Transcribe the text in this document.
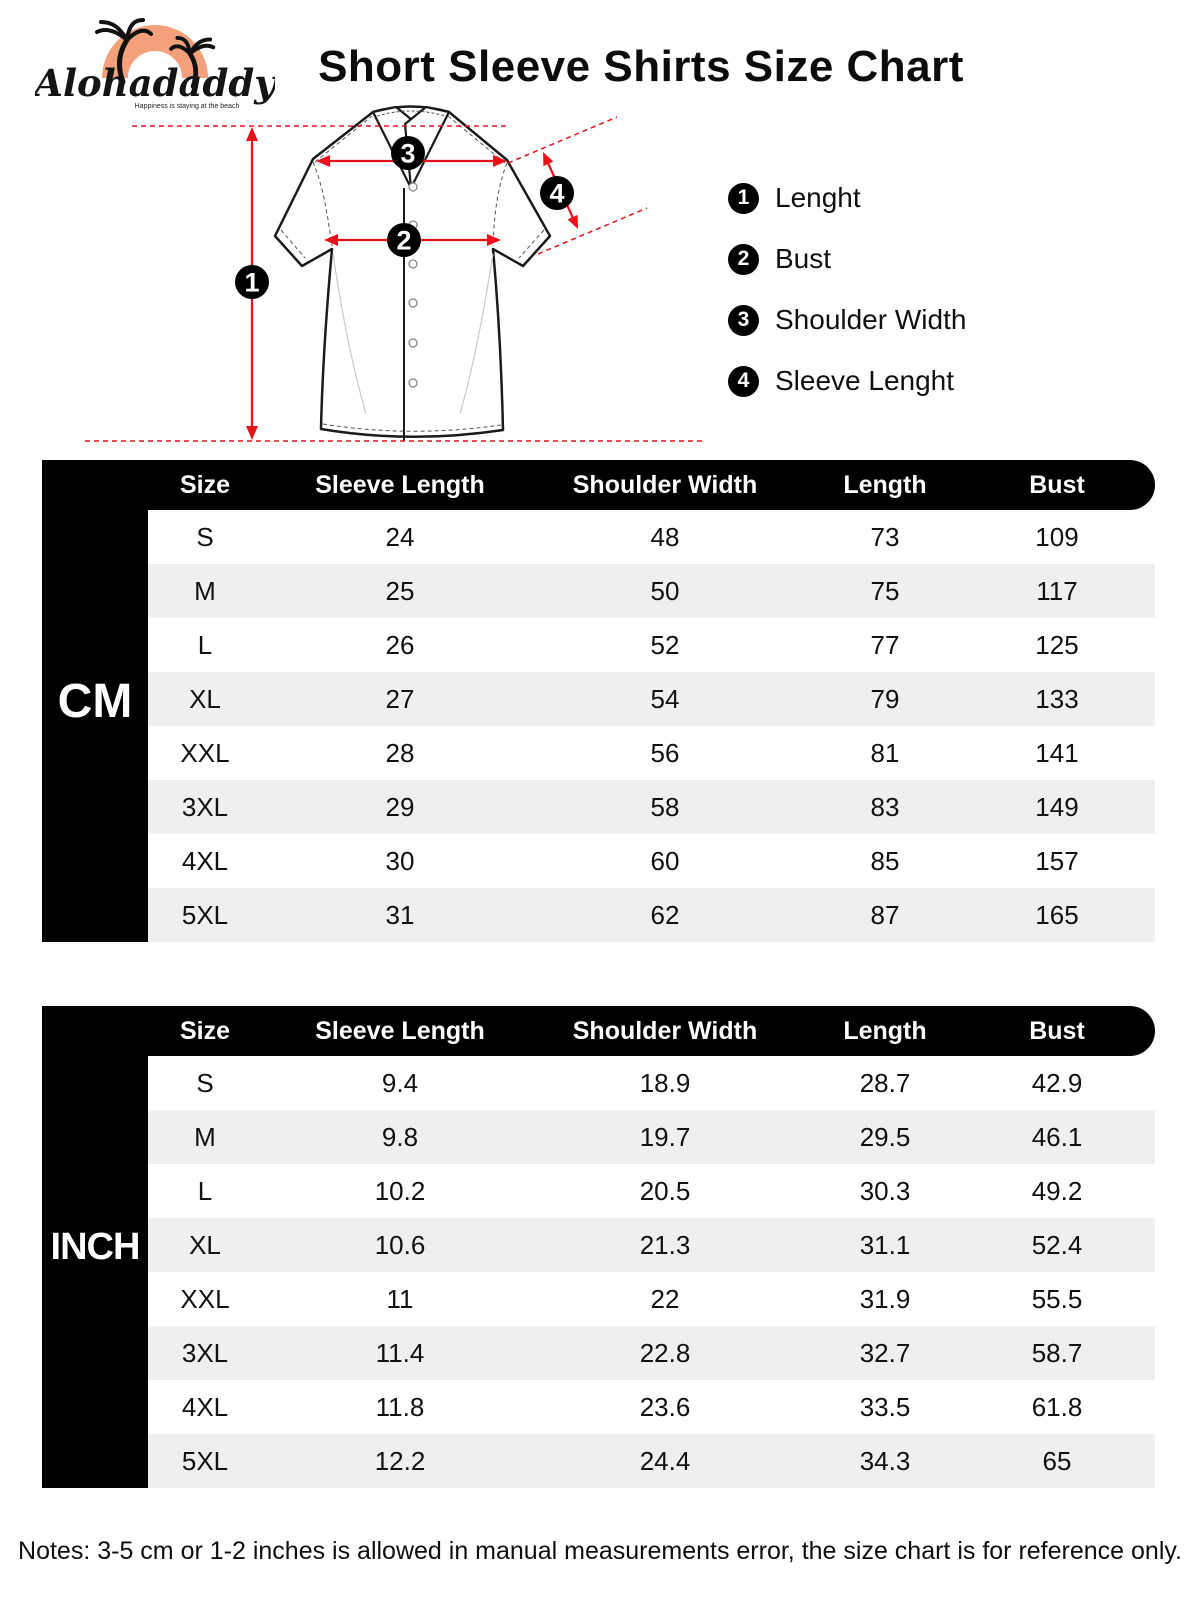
Alohadaddy
Happiness is staying at the beach
Short Sleeve Shirts Size Chart
1
2
3
4	1 Lenght
2 Bust
3 Shoulder Width
4 Sleeve Lenght
CM
Size	Sleeve Length	Shoulder Width	Length	Bust
S	24	48	73	109
M	25	50	75	117
L	26	52	77	125
XL	27	54	79	133
XXL	28	56	81	141
3XL	29	58	83	149
4XL	30	60	85	157
5XL	31	62	87	165
INCH
Size	Sleeve Length	Shoulder Width	Length	Bust
S	9.4	18.9	28.7	42.9
M	9.8	19.7	29.5	46.1
L	10.2	20.5	30.3	49.2
XL	10.6	21.3	31.1	52.4
XXL	11	22	31.9	55.5
3XL	11.4	22.8	32.7	58.7
4XL	11.8	23.6	33.5	61.8
5XL	12.2	24.4	34.3	65
Notes: 3-5 cm or 1-2 inches is allowed in manual measurements error, the size chart is for reference only.
